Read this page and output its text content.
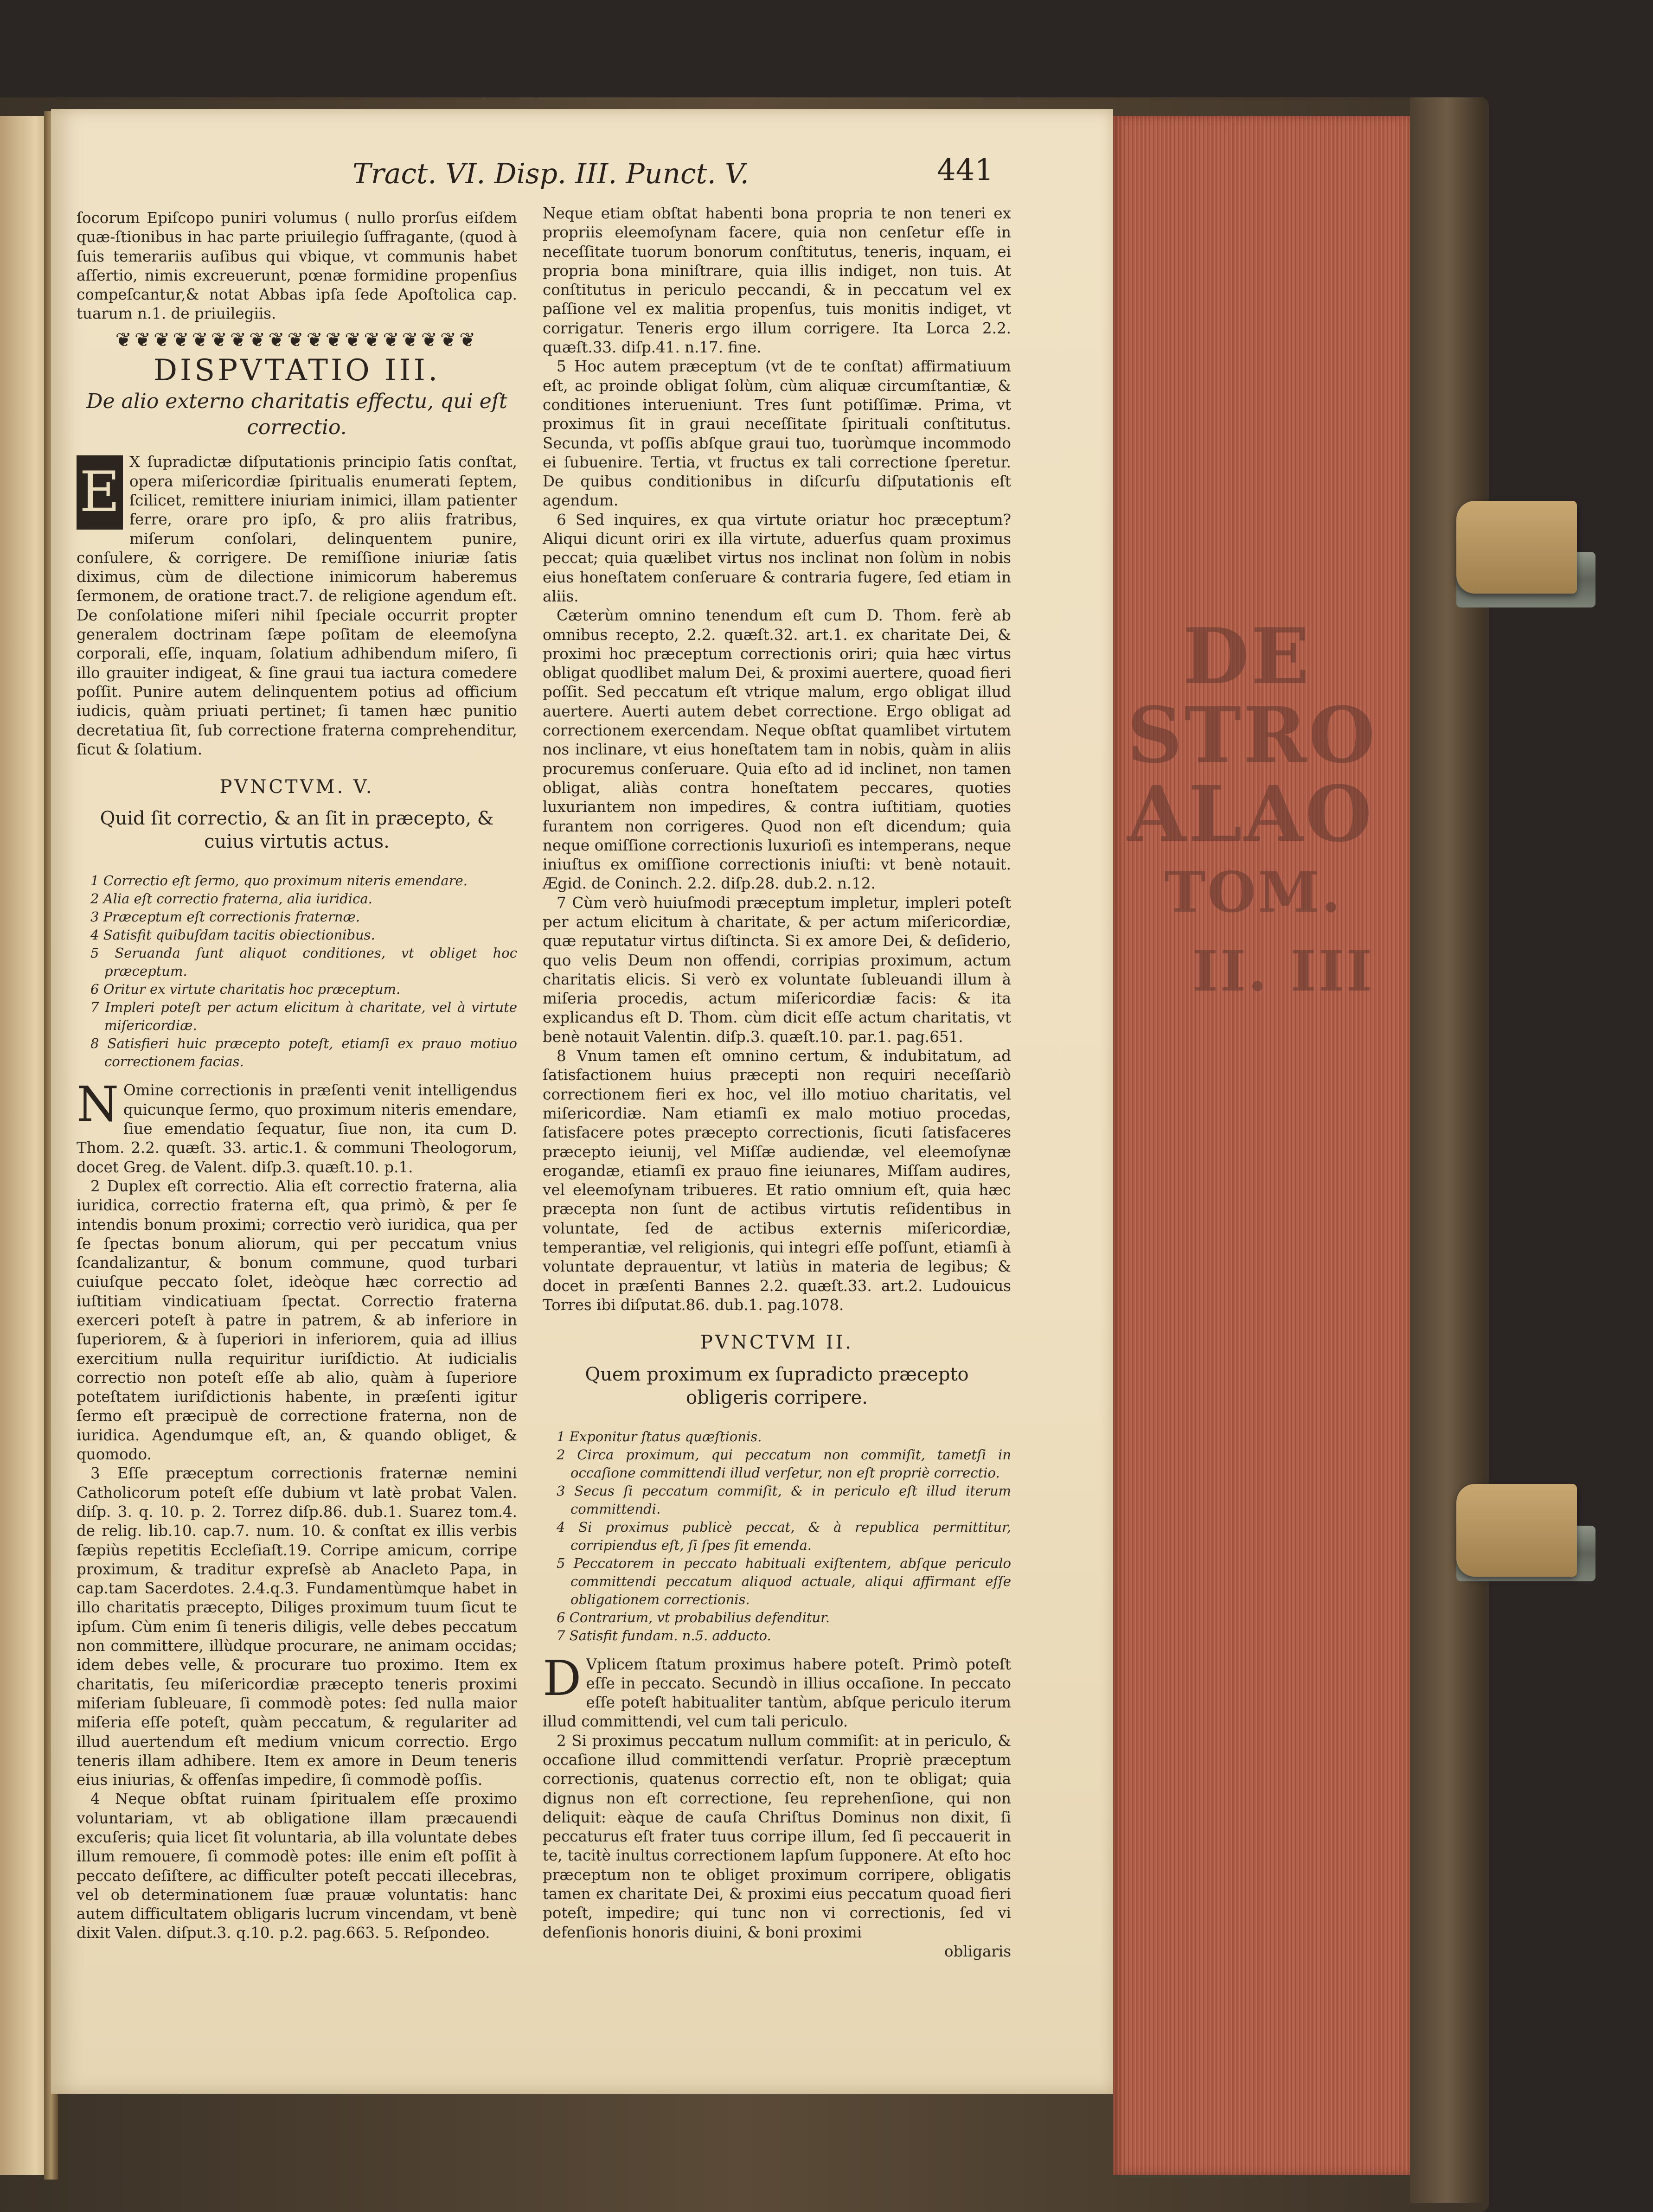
DE
STRO
ALAO
TOM.
II. III
Tract. VI. Disp. III. Punct. V.	441

ſocorum Epiſcopo puniri volumus ( nullo prorſus eiſdem quæ-ſtionibus in hac parte priuilegio ſuffragante, (quod à ſuis temerariis auſibus qui vbique, vt communis habet aſſertio, nimis excreuerunt, pœnæ formidine propenſius compeſcantur,& notat Abbas ipſa ſede Apoſtolica cap. tuarum n.1. de priuilegiis.

❦❦❦❦❦❦❦❦❦❦❦❦❦❦❦❦❦❦❦
DISPVTATIO III.
De alio externo charitatis effectu, qui eſt correctio.

E X ſupradictæ diſputationis principio ſatis conſtat, opera miſericordiæ ſpiritualis enumerati ſeptem, ſcilicet, remittere iniuriam inimici, illam patienter ferre, orare pro ipſo, & pro aliis fratribus, miſerum conſolari, delinquentem punire, conſulere, & corrigere. De remiſſione iniuriæ ſatis diximus, cùm de dilectione inimicorum haberemus ſermonem, de oratione tract.7. de religione agendum eſt. De conſolatione miſeri nihil ſpeciale occurrit propter generalem doctrinam ſæpe poſitam de eleemoſyna corporali, eſſe, inquam, ſolatium adhibendum miſero, ſi illo grauiter indigeat, & ſine graui tua iactura comedere poſſit. Punire autem delinquentem potius ad officium iudicis, quàm priuati pertinet; ſi tamen hæc punitio decretatiua ſit, ſub correctione fraterna comprehenditur, ſicut & ſolatium.

PVNCTVM. V.
Quid ſit correctio, & an ſit in præcepto, & cuius virtutis actus.
1 Correctio eſt ſermo, quo proximum niteris emendare.
2 Alia eſt correctio fraterna, alia iuridica.
3 Præceptum eſt correctionis fraternæ.
4 Satisfit quibuſdam tacitis obiectionibus.
5 Seruanda ſunt aliquot conditiones, vt obliget hoc præceptum.
6 Oritur ex virtute charitatis hoc præceptum.
7 Impleri poteſt per actum elicitum à charitate, vel à virtute miſericordiæ.
8 Satisfieri huic præcepto poteſt, etiamſi ex prauo motiuo correctionem facias.

N Omine correctionis in præſenti venit intelligendus quicunque ſermo, quo proximum niteris emendare, ſiue emendatio ſequatur, ſiue non, ita cum D. Thom. 2.2. quæſt. 33. artic.1. & communi Theologorum, docet Greg. de Valent. diſp.3. quæſt.10. p.1.

2 Duplex eſt correctio. Alia eſt correctio fraterna, alia iuridica, correctio fraterna eſt, qua primò, & per ſe intendis bonum proximi; correctio verò iuridica, qua per ſe ſpectas bonum aliorum, qui per peccatum vnius ſcandalizantur, & bonum commune, quod turbari cuiuſque peccato ſolet, ideòque hæc correctio ad iuſtitiam vindicatiuam ſpectat. Correctio fraterna exerceri poteſt à patre in patrem, & ab inferiore in ſuperiorem, & à ſuperiori in inferiorem, quia ad illius exercitium nulla requiritur iuriſdictio. At iudicialis correctio non poteſt eſſe ab alio, quàm à ſuperiore poteſtatem iuriſdictionis habente, in præſenti igitur ſermo eſt præcipuè de correctione fraterna, non de iuridica. Agendumque eſt, an, & quando obliget, & quomodo.

3 Eſſe præceptum correctionis fraternæ nemini Catholicorum poteſt eſſe dubium vt latè probat Valen. diſp. 3. q. 10. p. 2. Torrez diſp.86. dub.1. Suarez tom.4. de relig. lib.10. cap.7. num. 10. & conſtat ex illis verbis ſæpiùs repetitis Eccleſiaſt.19. Corripe amicum, corripe proximum, & traditur expreſsè ab Anacleto Papa, in cap.tam Sacerdotes. 2.4.q.3. Fundamentùmque habet in illo charitatis præcepto, Diliges proximum tuum ſicut te ipſum. Cùm enim ſi teneris diligis, velle debes peccatum non committere, illùdque procurare, ne animam occidas; idem debes velle, & procurare tuo proximo. Item ex charitatis, ſeu miſericordiæ præcepto teneris proximi miſeriam ſubleuare, ſi commodè potes: ſed nulla maior miſeria eſſe poteſt, quàm peccatum, & regulariter ad illud auertendum eſt medium vnicum correctio. Ergo teneris illam adhibere. Item ex amore in Deum teneris eius iniurias, & offenſas impedire, ſi commodè poſſis.

4 Neque obſtat ruinam ſpiritualem eſſe proximo voluntariam, vt ab obligatione illam præcauendi excuſeris; quia licet ſit voluntaria, ab illa voluntate debes illum remouere, ſi commodè potes: ille enim eſt poſſit à peccato deſiſtere, ac difficulter poteſt peccati illecebras, vel ob determinationem ſuæ prauæ voluntatis: hanc autem difficultatem obligaris lucrum vincendam, vt benè dixit Valen. diſput.3. q.10. p.2. pag.663. 5. Reſpondeo.

Neque etiam obſtat habenti bona propria te non teneri ex propriis eleemoſynam facere, quia non cenſetur eſſe in neceſſitate tuorum bonorum conſtitutus, teneris, inquam, ei propria bona miniſtrare, quia illis indiget, non tuis. At conſtitutus in periculo peccandi, & in peccatum vel ex paſſione vel ex malitia propenſus, tuis monitis indiget, vt corrigatur. Teneris ergo illum corrigere. Ita Lorca 2.2. quæſt.33. diſp.41. n.17. fine.

5 Hoc autem præceptum (vt de te conſtat) affirmatiuum eſt, ac proinde obligat ſolùm, cùm aliquæ circumſtantiæ, & conditiones interueniunt. Tres ſunt potiſſimæ. Prima, vt proximus ſit in graui neceſſitate ſpirituali conſtitutus. Secunda, vt poſſis abſque graui tuo, tuorùmque incommodo ei ſubuenire. Tertia, vt fructus ex tali correctione ſperetur. De quibus conditionibus in diſcurſu diſputationis eſt agendum.

6 Sed inquires, ex qua virtute oriatur hoc præceptum? Aliqui dicunt oriri ex illa virtute, aduerſus quam proximus peccat; quia quælibet virtus nos inclinat non ſolùm in nobis eius honeſtatem conſeruare & contraria fugere, ſed etiam in aliis.

Cæterùm omnino tenendum eſt cum D. Thom. ferè ab omnibus recepto, 2.2. quæſt.32. art.1. ex charitate Dei, & proximi hoc præceptum correctionis oriri; quia hæc virtus obligat quodlibet malum Dei, & proximi auertere, quoad fieri poſſit. Sed peccatum eſt vtrique malum, ergo obligat illud auertere. Auerti autem debet correctione. Ergo obligat ad correctionem exercendam. Neque obſtat quamlibet virtutem nos inclinare, vt eius honeſtatem tam in nobis, quàm in aliis procuremus conſeruare. Quia eſto ad id inclinet, non tamen obligat, aliàs contra honeſtatem peccares, quoties luxuriantem non impedires, & contra iuſtitiam, quoties furantem non corrigeres. Quod non eſt dicendum; quia neque omiſſione correctionis luxurioſi es intemperans, neque iniuſtus ex omiſſione correctionis iniuſti: vt benè notauit. Ægid. de Coninch. 2.2. diſp.28. dub.2. n.12.

7 Cùm verò huiuſmodi præceptum impletur, impleri poteſt per actum elicitum à charitate, & per actum miſericordiæ, quæ reputatur virtus diſtincta. Si ex amore Dei, & deſiderio, quo velis Deum non offendi, corripias proximum, actum charitatis elicis. Si verò ex voluntate ſubleuandi illum à miſeria procedis, actum miſericordiæ facis: & ita explicandus eſt D. Thom. cùm dicit eſſe actum charitatis, vt benè notauit Valentin. diſp.3. quæſt.10. par.1. pag.651.

8 Vnum tamen eſt omnino certum, & indubitatum, ad ſatisfactionem huius præcepti non requiri neceſſariò correctionem fieri ex hoc, vel illo motiuo charitatis, vel miſericordiæ. Nam etiamſi ex malo motiuo procedas, ſatisfacere potes præcepto correctionis, ſicuti ſatisfaceres præcepto ieiunij, vel Miſſæ audiendæ, vel eleemoſynæ erogandæ, etiamſi ex prauo fine ieiunares, Miſſam audires, vel eleemoſynam tribueres. Et ratio omnium eſt, quia hæc præcepta non ſunt de actibus virtutis reſidentibus in voluntate, ſed de actibus externis miſericordiæ, temperantiæ, vel religionis, qui integri eſſe poſſunt, etiamſi à voluntate deprauentur, vt latiùs in materia de legibus; & docet in præſenti Bannes 2.2. quæſt.33. art.2. Ludouicus Torres ibi diſputat.86. dub.1. pag.1078.

PVNCTVM II.
Quem proximum ex ſupradicto præcepto obligeris corripere.
1 Exponitur ſtatus quæſtionis.
2 Circa proximum, qui peccatum non commiſit, tametſi in occaſione committendi illud verſetur, non eſt propriè correctio.
3 Secus ſi peccatum commiſit, & in periculo eſt illud iterum committendi.
4 Si proximus publicè peccat, & à republica permittitur, corripiendus eſt, ſi ſpes ſit emenda.
5 Peccatorem in peccato habituali exiſtentem, abſque periculo committendi peccatum aliquod actuale, aliqui affirmant eſſe obligationem correctionis.
6 Contrarium, vt probabilius defenditur.
7 Satisfit fundam. n.5. adducto.

D Vplicem ſtatum proximus habere poteſt. Primò poteſt eſſe in peccato. Secundò in illius occaſione. In peccato eſſe poteſt habitualiter tantùm, abſque periculo iterum illud committendi, vel cum tali periculo.

2 Si proximus peccatum nullum commiſit: at in periculo, & occaſione illud committendi verſatur. Propriè præceptum correctionis, quatenus correctio eſt, non te obligat; quia dignus non eſt correctione, ſeu reprehenſione, qui non deliquit: eàque de cauſa Chriſtus Dominus non dixit, ſi peccaturus eſt frater tuus corripe illum, ſed ſi peccauerit in te, tacitè inultus correctionem lapſum ſupponere. At eſto hoc præceptum non te obliget proximum corripere, obligatis tamen ex charitate Dei, & proximi eius peccatum quoad fieri poteſt, impedire; qui tunc non vi correctionis, ſed vi defenſionis honoris diuini, & boni proximi

obligaris
